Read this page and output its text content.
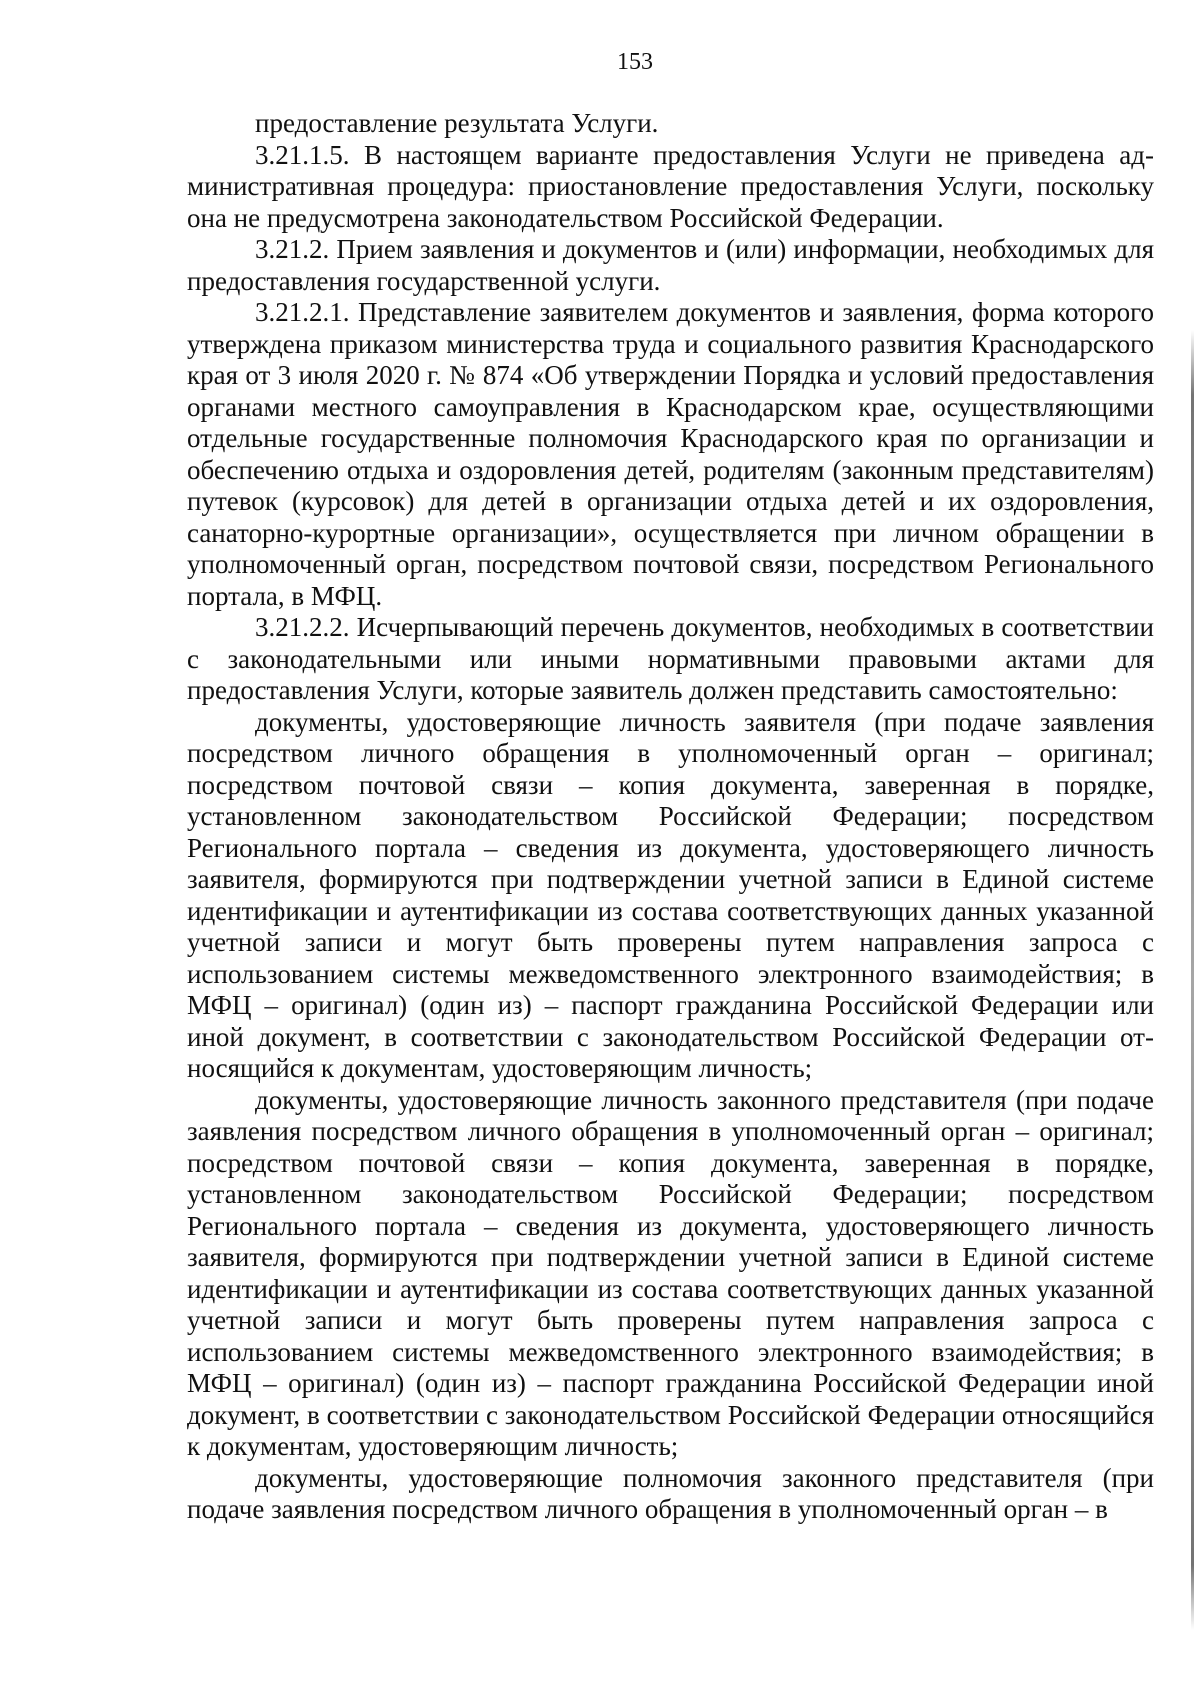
153

предоставление результата Услуги.

3.21.1.5. В настоящем варианте предоставления Услуги не приведена административная процедура: приостановление предоставления Услуги, поскольку она не предусмотрена законодательством Российской Федерации.

3.21.2. Прием заявления и документов и (или) информации, необходимых для предоставления государственной услуги.

3.21.2.1. Представление заявителем документов и заявления, форма которого утверждена приказом министерства труда и социального развития Краснодарского края от 3 июля 2020 г. № 874 «Об утверждении Порядка и условий предоставления органами местного самоуправления в Краснодарском крае, осуществляющими отдельные государственные полномочия Краснодарского края по организации и обеспечению отдыха и оздоровления детей, родителям (законным представителям) путевок (курсовок) для детей в организации отдыха детей и их оздоровления, санаторно-курортные организации», осуществляется при личном обращении в уполномоченный орган, посредством почтовой связи, посредством Регионального портала, в МФЦ.

3.21.2.2. Исчерпывающий перечень документов, необходимых в соответствии с законодательными или иными нормативными правовыми актами для предоставления Услуги, которые заявитель должен представить самостоятельно:

документы, удостоверяющие личность заявителя (при подаче заявления посредством личного обращения в уполномоченный орган – оригинал; посредством почтовой связи – копия документа, заверенная в порядке, установленном законодательством Российской Федерации; посредством Регионального портала – сведения из документа, удостоверяющего личность заявителя, формируются при подтверждении учетной записи в Единой системе идентификации и аутентификации из состава соответствующих данных указанной учетной записи и могут быть проверены путем направления запроса с использованием системы межведомственного электронного взаимодействия; в МФЦ – оригинал) (один из) – паспорт гражданина Российской Федерации или иной документ, в соответствии с законодательством Российской Федерации относящийся к документам, удостоверяющим личность;

документы, удостоверяющие личность законного представителя (при подаче заявления посредством личного обращения в уполномоченный орган – оригинал; посредством почтовой связи – копия документа, заверенная в порядке, установленном законодательством Российской Федерации; посредством Регионального портала – сведения из документа, удостоверяющего личность заявителя, формируются при подтверждении учетной записи в Единой системе идентификации и аутентификации из состава соответствующих данных указанной учетной записи и могут быть проверены путем направления запроса с использованием системы межведомственного электронного взаимодействия; в МФЦ – оригинал) (один из) – паспорт гражданина Российской Федерации иной документ, в соответствии с законодательством Российской Федерации относящийся к документам, удостоверяющим личность;

документы, удостоверяющие полномочия законного представителя (при подаче заявления посредством личного обращения в уполномоченный орган – в
